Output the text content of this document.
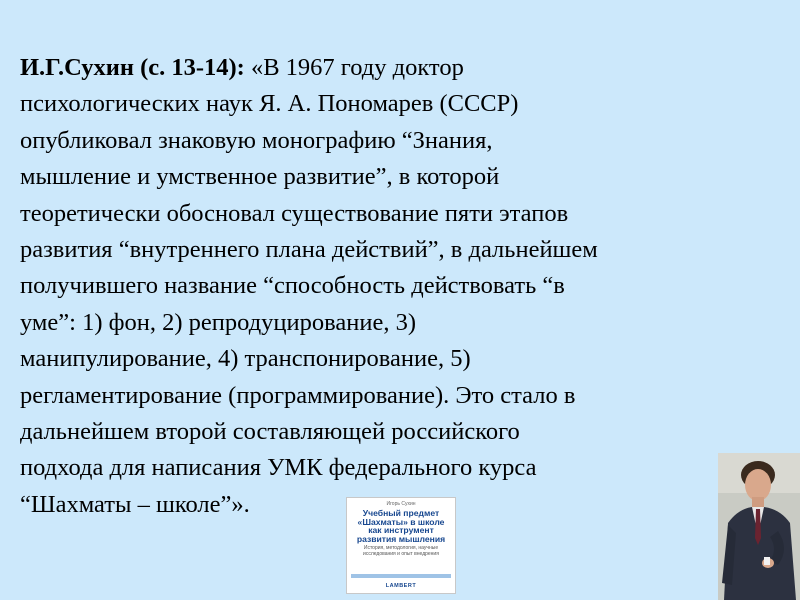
И.Г.Сухин (с. 13-14): «В 1967 году доктор
психологических наук Я. А. Пономарев (СССР)
опубликовал знаковую монографию “Знания,
мышление и умственное развитие”, в которой
теоретически обосновал существование пяти этапов
развития “внутреннего плана действий”, в дальнейшем
получившего название “способность действовать “в
уме”: 1) фон, 2) репродуцирование, 3)
манипулирование, 4) транспонирование, 5)
регламентирование (программирование). Это стало в
дальнейшем второй составляющей российского
подхода для написания УМК федерального курса
“Шахматы – школе”».	Игорь Сухин
Учебный предмет
«Шахматы» в школе
как инструмент
развития мышления
История, методология, научные
исследования и опыт внедрения
LAMBERT
